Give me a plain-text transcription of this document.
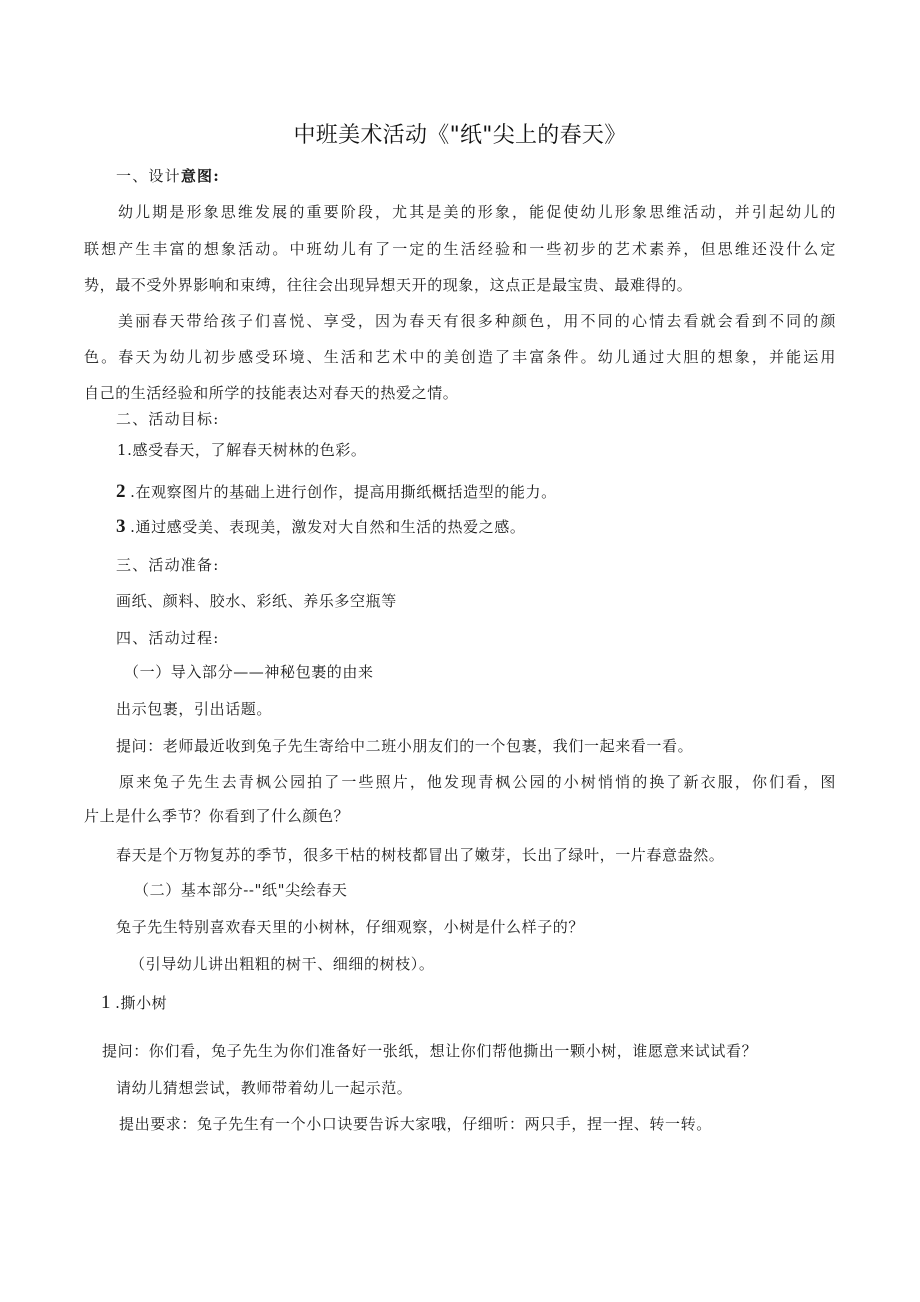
中班美术活动《"纸"尖上的春天》
一、设计意图:
幼儿期是形象思维发展的重要阶段，尤其是美的形象，能促使幼儿形象思维活动，并引起幼儿的
联想产生丰富的想象活动。中班幼儿有了一定的生活经验和一些初步的艺术素养，但思维还没什么定
势，最不受外界影响和束缚，往往会出现异想天开的现象，这点正是最宝贵、最难得的。
美丽春天带给孩子们喜悦、享受，因为春天有很多种颜色，用不同的心情去看就会看到不同的颜
色。春天为幼儿初步感受环境、生活和艺术中的美创造了丰富条件。幼儿通过大胆的想象，并能运用
自己的生活经验和所学的技能表达对春天的热爱之情。
二、活动目标:
1.感受春天，了解春天树林的色彩。
2 .在观察图片的基础上进行创作，提高用撕纸概括造型的能力。
3 .通过感受美、表现美，激发对大自然和生活的热爱之感。
三、活动准备:
画纸、颜料、胶水、彩纸、养乐多空瓶等
四、活动过程:
（一）导入部分——神秘包裹的由来
出示包裹，引出话题。
提问：老师最近收到兔子先生寄给中二班小朋友们的一个包裹，我们一起来看一看。
原来兔子先生去青枫公园拍了一些照片，他发现青枫公园的小树悄悄的换了新衣服，你们看，图
片上是什么季节？你看到了什么颜色？
春天是个万物复苏的季节，很多干枯的树枝都冒出了嫩芽，长出了绿叶，一片春意盎然。
（二）基本部分--"纸"尖绘春天
兔子先生特别喜欢春天里的小树林，仔细观察，小树是什么样子的？
（引导幼儿讲出粗粗的树干、细细的树枝）。
1 .撕小树
提问：你们看，兔子先生为你们准备好一张纸，想让你们帮他撕出一颗小树，谁愿意来试试看？
请幼儿猜想尝试，教师带着幼儿一起示范。
提出要求：兔子先生有一个小口诀要告诉大家哦，仔细听：两只手，捏一捏、转一转。
